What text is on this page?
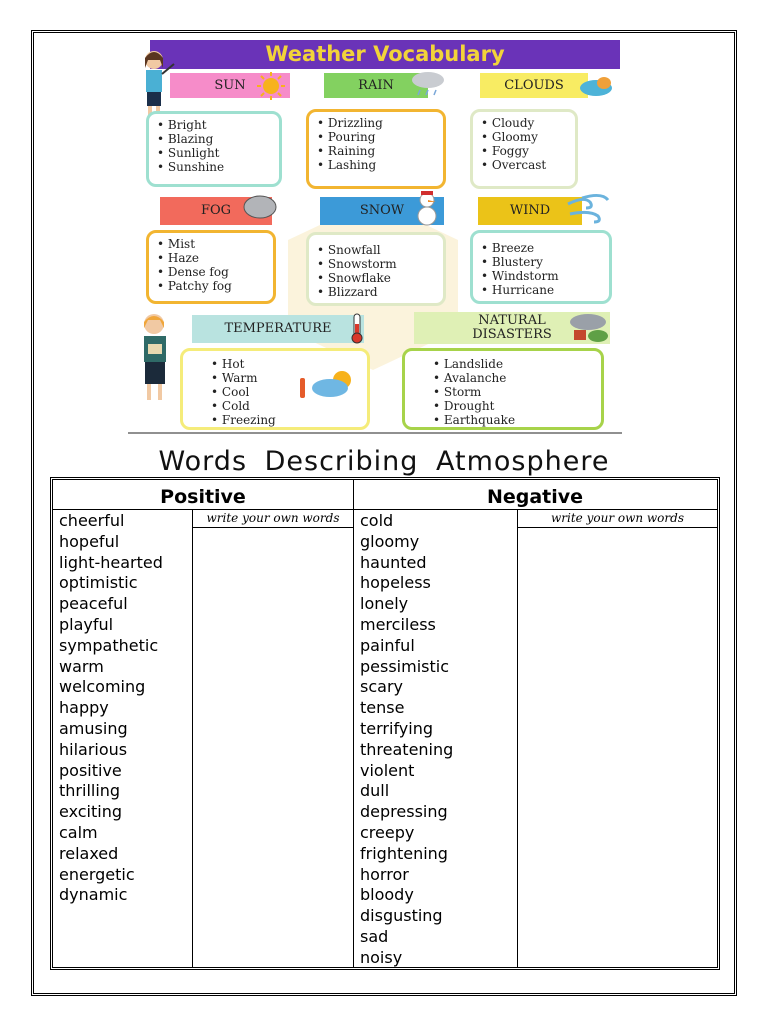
Weather Vocabulary
SUN	RAIN	CLOUDS
• Bright
• Blazing
• Sunlight
• Sunshine
• Drizzling
• Pouring
• Raining
• Lashing
• Cloudy
• Gloomy
• Foggy
• Overcast
FOG	SNOW	WIND
• Mist
• Haze
• Dense fog
• Patchy fog
• Snowfall
• Snowstorm
• Snowflake
• Blizzard
• Breeze
• Blustery
• Windstorm
• Hurricane
TEMPERATURE
NATURAL
DISASTERS
• Hot
• Warm
• Cool
• Cold
• Freezing
• Landslide
• Avalanche
• Storm
• Drought
• Earthquake
Words Describing Atmosphere
Positive	Negative
write your own words	write your own words
cheerful
hopeful
light-hearted
optimistic
peaceful
playful
sympathetic
warm
welcoming
happy
amusing
hilarious
positive
thrilling
exciting
calm
relaxed
energetic
dynamic
cold
gloomy
haunted
hopeless
lonely
merciless
painful
pessimistic
scary
tense
terrifying
threatening
violent
dull
depressing
creepy
frightening
horror
bloody
disgusting
sad
noisy
